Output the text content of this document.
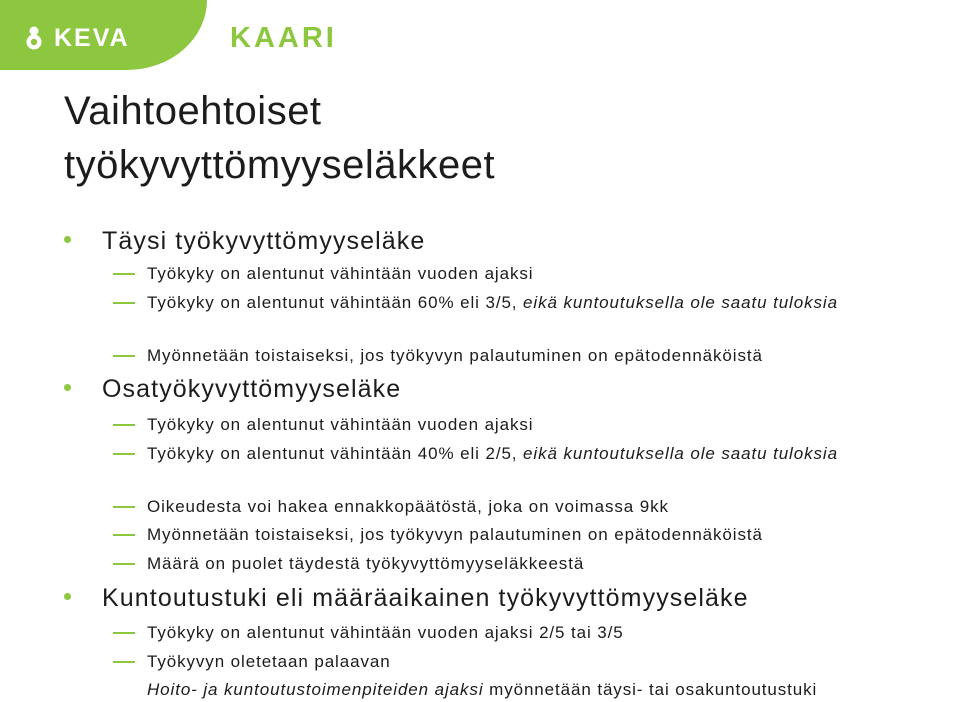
KEVA	KAARI
Vaihtoehtoiset
työkyvyttömyyseläkkeet
Täysi työkyvyttömyyseläke
Työkyky on alentunut vähintään vuoden ajaksi
Työkyky on alentunut vähintään 60% eli 3/5, eikä kuntoutuksella ole saatu tuloksia
Myönnetään toistaiseksi, jos työkyvyn palautuminen on epätodennäköistä
Osatyökyvyttömyyseläke
Työkyky on alentunut vähintään vuoden ajaksi
Työkyky on alentunut vähintään 40% eli 2/5, eikä kuntoutuksella ole saatu tuloksia
Oikeudesta voi hakea ennakkopäätöstä, joka on voimassa 9kk
Myönnetään toistaiseksi, jos työkyvyn palautuminen on epätodennäköistä
Määrä on puolet täydestä työkyvyttömyyseläkkeestä
Kuntoutustuki eli määräaikainen työkyvyttömyyseläke
Työkyky on alentunut vähintään vuoden ajaksi 2/5 tai 3/5
Työkyvyn oletetaan palaavan
Hoito- ja kuntoutustoimenpiteiden ajaksi myönnetään täysi- tai osakuntoutustuki
